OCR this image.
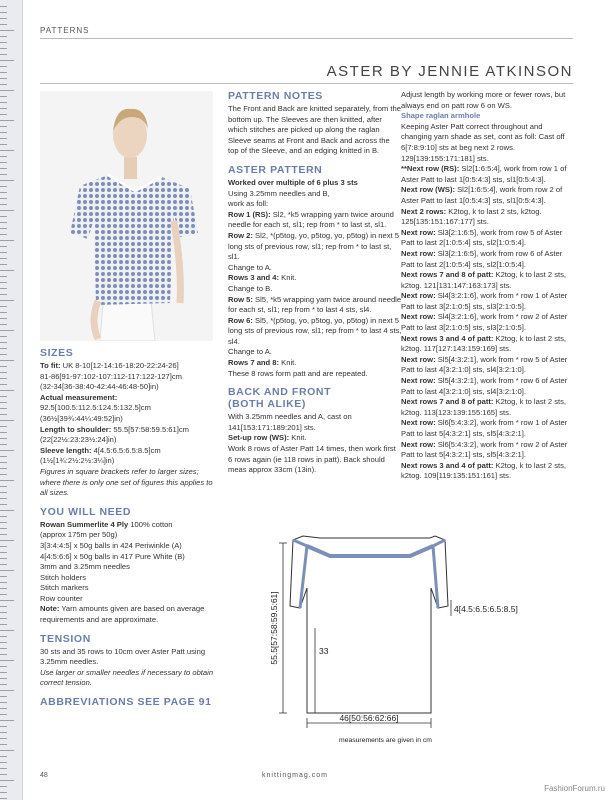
PATTERNS
ASTER BY JENNIE ATKINSON
SIZES

To fit: UK 8-10[12-14:16-18:20-22:24-26]

81-86[91-97:102-107:112-117:122-127]cm

(32-34[36-38:40-42:44-46:48-50]in)

Actual measurement:

92.5[100.5:112.5:124.5:132.5]cm

(36½[39¾:44¼:49:52]in)

Length to shoulder: 55.5[57:58:59.5:61]cm

(22[22½:23:23½:24]in)

Sleeve length: 4[4.5:6.5:6.5:8.5]cm

(1½[1¾:2½:2½:3¼]in)

Figures in square brackets refer to larger sizes; where there is only one set of figures this applies to all sizes.

YOU WILL NEED

Rowan Summerlite 4 Ply 100% cotton

(approx 175m per 50g)

3[3:4:4:5] x 50g balls in 424 Periwinkle (A)

4[4:5:6:6] x 50g balls in 417 Pure White (B)

3mm and 3.25mm needles

Stitch holders

Stitch markers

Row counter

Note: Yarn amounts given are based on average requirements and are approximate.

TENSION

30 sts and 35 rows to 10cm over Aster Patt using 3.25mm needles.

Use larger or smaller needles if necessary to obtain correct tension.

ABBREVIATIONS SEE PAGE 91
PATTERN NOTES

The Front and Back are knitted separately, from the bottom up. The Sleeves are then knitted, after which stitches are picked up along the raglan Sleeve seams at Front and Back and across the top of the Sleeve, and an edging knitted in B.

ASTER PATTERN

Worked over multiple of 6 plus 3 sts

Using 3.25mm needles and B,

work as foll:

Row 1 (RS): Sl2, *k5 wrapping yarn twice around needle for each st, sl1; rep from * to last st, sl1.

Row 2: Sl2, *(p5tog, yo, p5tog, yo, p5tog) in next 5 long sts of previous row, sl1; rep from * to last st, sl1.

Change to A.

Rows 3 and 4: Knit.

Change to B.

Row 5: Sl5, *k5 wrapping yarn twice around needle for each st, sl1; rep from * to last 4 sts, sl4.

Row 6: Sl5, *(p5tog, yo, p5tog, yo, p5tog) in next 5 long sts of previous row, sl1; rep from * to last 4 sts, sl4.

Change to A.

Rows 7 and 8: Knit.

These 8 rows form patt and are repeated.

BACK AND FRONT
(BOTH ALIKE)

With 3.25mm needles and A, cast on 141[153:171:189:201] sts.

Set-up row (WS): Knit.

Work 8 rows of Aster Patt 14 times, then work first 6 rows again (ie 118 rows in patt). Back should meas approx 33cm (13in).

Adjust length by working more or fewer rows, but always end on patt row 6 on WS.

Shape raglan armhole

Keeping Aster Patt correct throughout and changing yarn shade as set, cont as foll: Cast off 6[7:8:9:10] sts at beg next 2 rows. 129[139:155:171:181] sts.

**Next row (RS): Sl2[1:6:5:4], work from row 1 of Aster Patt to last 1[0:5:4:3] sts, sl1[0:5:4:3].

Next row (WS): Sl2[1:6:5:4], work from row 2 of Aster Patt to last 1[0:5:4:3] sts, sl1[0:5:4:3].

Next 2 rows: K2tog, k to last 2 sts, k2tog. 125[135:151:167:177] sts.

Next row: Sl3[2:1:6:5], work from row 5 of Aster Patt to last 2[1:0:5:4] sts, sl2[1:0:5:4].

Next row: Sl3[2:1:6:5], work from row 6 of Aster Patt to last 2[1:0:5:4] sts, sl2[1:0:5:4].

Next rows 7 and 8 of patt: K2tog, k to last 2 sts, k2tog. 121[131:147:163:173] sts.

Next row: Sl4[3:2:1:6], work from * row 1 of Aster Patt to last 3[2:1:0:5] sts, sl3[2:1:0:5].

Next row: Sl4[3:2:1:6], work from * row 2 of Aster Patt to last 3[2:1:0:5] sts, sl3[2:1:0:5].

Next rows 3 and 4 of patt: K2tog, k to last 2 sts, k2tog. 117[127:143:159:169] sts.

Next row: Sl5[4:3:2:1], work from * row 5 of Aster Patt to last 4[3:2:1:0] sts, sl4[3:2:1:0].

Next row: Sl5[4:3:2:1], work from * row 6 of Aster Patt to last 4[3:2:1:0] sts, sl4[3:2:1:0].

Next rows 7 and 8 of patt: K2tog, k to last 2 sts, k2tog. 113[123:139:155:165] sts.

Next row: Sl6[5:4:3:2], work from * row 1 of Aster Patt to last 5[4:3:2:1] sts, sl5[4:3:2:1].

Next row: Sl6[5:4:3:2], work from * row 2 of Aster Patt to last 5[4:3:2:1] sts, sl5[4:3:2:1].

Next rows 3 and 4 of patt: K2tog, k to last 2 sts, k2tog. 109[119:135:151:161] sts.

55.5[57:58:59.5:61]	33
46[50:56:62:66]
4[4.5:6.5:6.5:8.5]
measurements are given in cm
48	knittingmag.com
FashionForum.ru
